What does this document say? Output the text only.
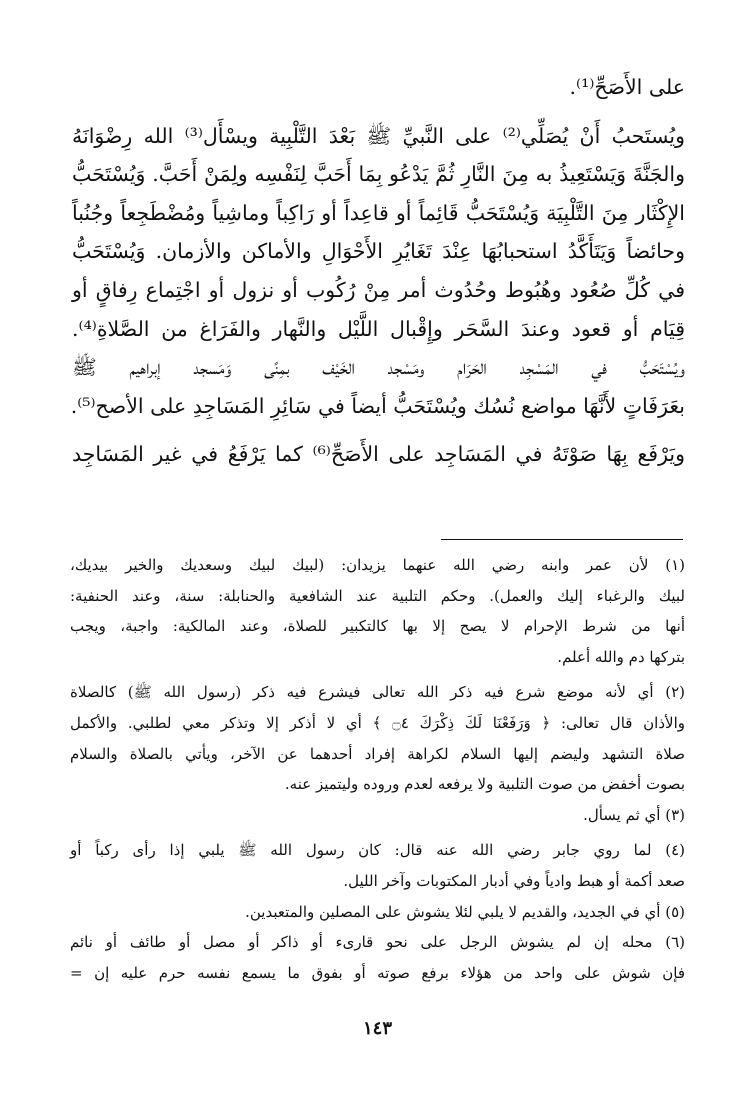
على الأَصَحِّ⁽¹⁾.
ويُستَحبُ أَنْ يُصَلِّي⁽²⁾ على النَّبيِّ ﷺ بَعْدَ التَّلْبِية ويسْأَل⁽³⁾ الله رِضْوَانَهُ
والجَنَّةَ وَيَسْتَعِيذُ به مِنَ النَّارِ ثُمَّ يَدْعُو بِمَا أَحَبَّ لِنَفْسِه ولِمَنْ أَحَبَّ. وَيُسْتَحَبُّ
الإِكْثَار مِنَ التَّلْبِيَة وَيُسْتَحَبُّ قَائِماً أو قاعِداً أو رَاكِباً وماشِياً ومُضْطَجِعاً وجُنُباً
وحائضاً وَيَتَأَكَّدُ استحبابُهَا عِنْدَ تَغَايُرِ الأَحْوَالِ والأماكن والأزمان. وَيُسْتَحَبُّ
في كُلِّ صُعُود وهُبُوط وحُدُوث أمر مِنْ رُكُوب أو نزول أو اجْتِماع رِفاقٍ أو
قِيَام أو قعود وعندَ السَّحَر وإِقْبال اللَّيْل والنَّهار والفَرَاغ من الصَّلاةِ⁽⁴⁾.
ويُسْتَحَبُّ في المَسْجِد الحَرَام ومَسْجد الخَيْف بمِنًى وَمَسجد إبراهيم ﷺ
بعَرَفَاتٍ لأَنَّهَا مواضع نُسُك ويُسْتَحَبُّ أيضاً في سَائِرِ المَسَاجِدِ على الأصح⁽⁵⁾.
ويَرْفَع بِهَا صَوْتَهُ في المَسَاجِد على الأَصَحِّ⁽⁶⁾ كما يَرْفَعُ في غير المَسَاجِد
(١) لأن عمر وابنه رضي الله عنهما يزيدان: (لبيك لبيك وسعديك والخير بيديك،
لبيك والرغباء إليك والعمل). وحكم التلبية عند الشافعية والحنابلة: سنة، وعند الحنفية:
أنها من شرط الإحرام لا يصح إلا بها كالتكبير للصلاة، وعند المالكية: واجبة، ويجب
بتركها دم والله أعلم.
(٢) أي لأنه موضع شرع فيه ذكر الله تعالى فيشرع فيه ذكر (رسول الله ﷺ) كالصلاة
والأذان قال تعالى: ﴿ وَرَفَعْنَا لَكَ ذِكْرَكَ ۝٤ ﴾ أي لا أذكر إلا وتذكر معي لطلبي. والأكمل
صلاة التشهد وليضم إليها السلام لكراهة إفراد أحدهما عن الآخر، ويأتي بالصلاة والسلام
بصوت أخفض من صوت التلبية ولا يرفعه لعدم وروده وليتميز عنه.
(٣) أي ثم يسأل.
(٤) لما روي جابر رضي الله عنه قال: كان رسول الله ﷺ يلبي إذا رأى ركباً أو
صعد أكمة أو هبط وادياً وفي أدبار المكتوبات وآخر الليل.
(٥) أي في الجديد، والقديم لا يلبي لئلا يشوش على المصلين والمتعبدين.
(٦) محله إن لم يشوش الرجل على نحو قارىء أو ذاكر أو مصل أو طائف أو نائم
فإن شوش على واحد من هؤلاء برفع صوته أو بفوق ما يسمع نفسه حرم عليه إن =
١٤٣
